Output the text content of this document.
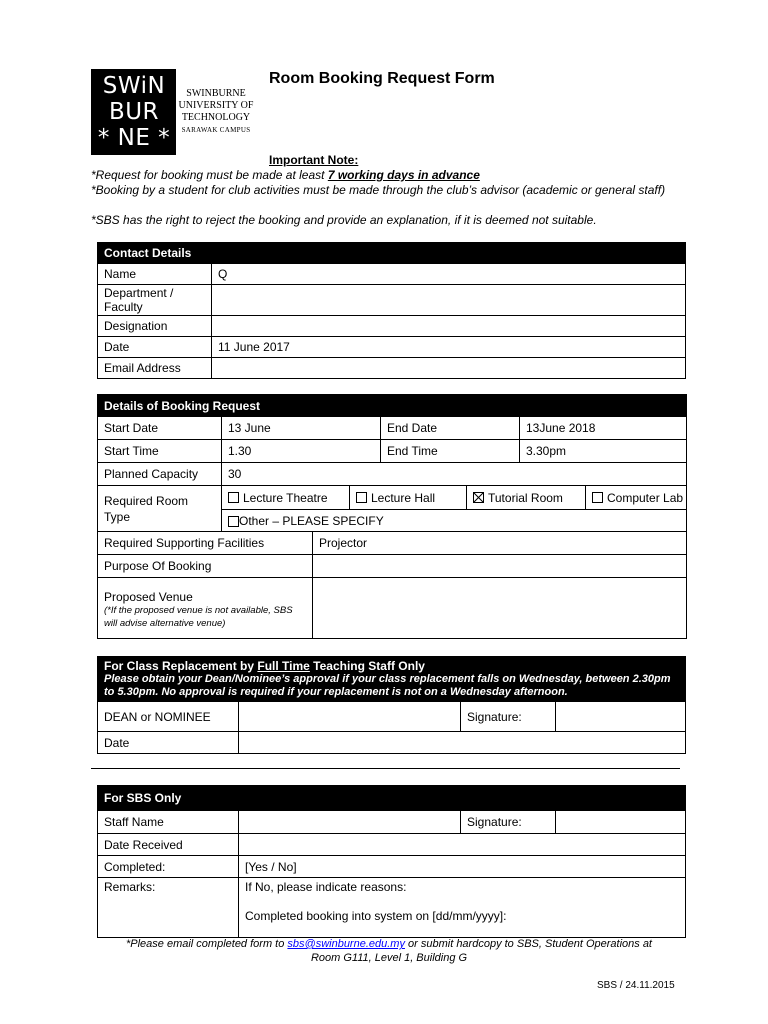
SWiN
BUR
* NE *
SWINBURNE
UNIVERSITY OF
TECHNOLOGY
SARAWAK CAMPUS
Room Booking Request Form
Important Note:
*Request for booking must be made at least 7 working days in advance
*Booking by a student for club activities must be made through the club’s advisor (academic or general staff)
*SBS has the right to reject the booking and provide an explanation, if it is deemed not suitable.
Contact Details	
Name	Q
Department / Faculty	
Designation	
Date	11 June 2017
Email Address	
Details of Booking Request				
Start Date	13 June		End Date	13June 2018
Start Time	1.30		End Time	3.30pm
Planned Capacity	30			
Required Room Type	Lecture Theatre Lecture Hall Tutorial Room Computer Lab			

	Other – PLEASE SPECIFY			
Required Supporting Facilities		Projector		
Purpose Of Booking				

Proposed Venue
(*If the proposed venue is not available, SBS will advise alternative venue)				

For Class Replacement by Full Time Teaching Staff Only
Please obtain your Dean/Nominee’s approval if your class replacement falls on Wednesday, between 2.30pm to 5.30pm. No approval is required if your replacement is not on a Wednesday afternoon.			

DEAN or NOMINEE		Signature:	
Date			
For SBS Only			
Staff Name		Signature:	
Date Received			
Completed:	[Yes / No]		
Remarks:	If No, please indicate reasons:
Completed booking into system on [dd/mm/yyyy]:		
*Please email completed form to sbs@swinburne.edu.my or submit hardcopy to SBS, Student Operations at
Room G111, Level 1, Building G
SBS / 24.11.2015
